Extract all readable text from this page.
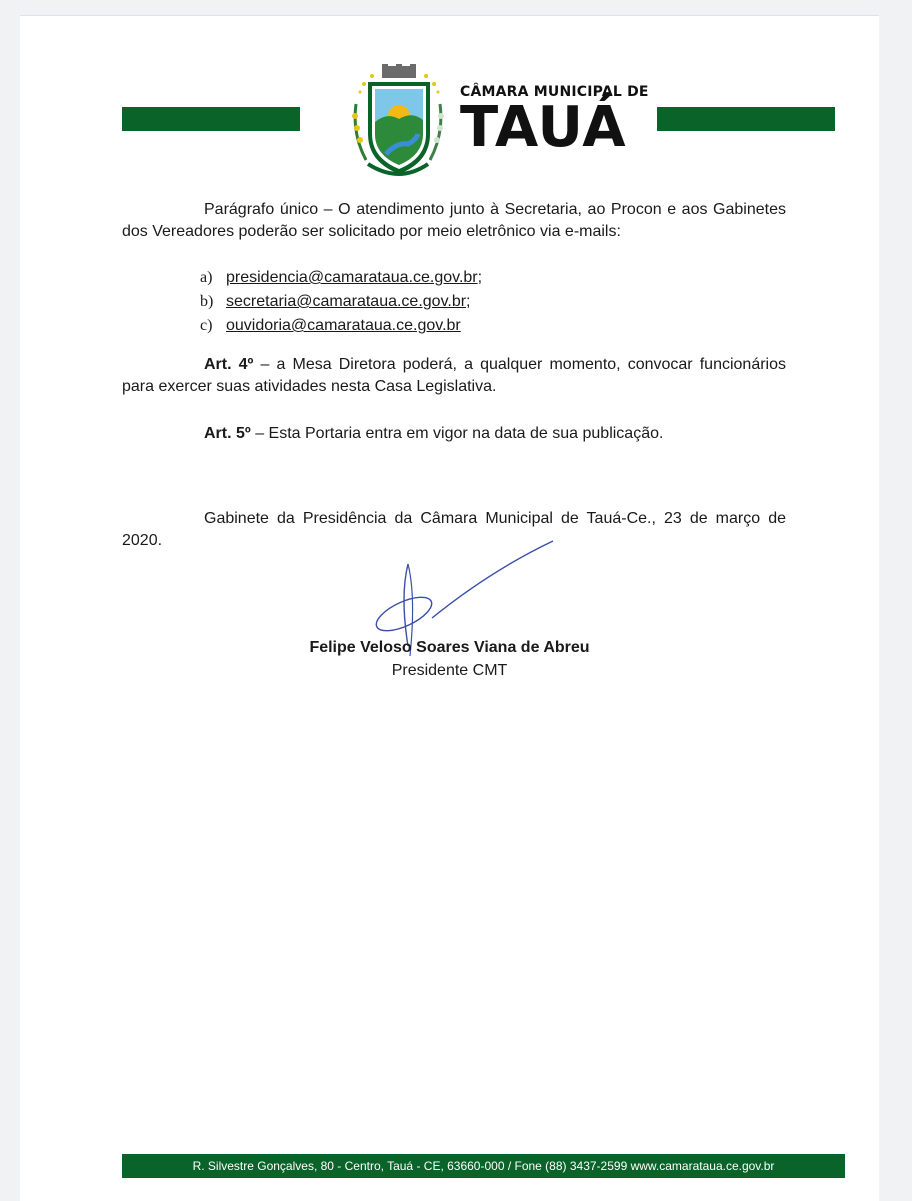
CÂMARA MUNICIPAL DE
TAUÁ
Parágrafo único – O atendimento junto à Secretaria, ao Procon e aos Gabinetes dos Vereadores poderão ser solicitado por meio eletrônico via e-mails:
a) presidencia@camarataua.ce.gov.br;
b) secretaria@camarataua.ce.gov.br;
c) ouvidoria@camarataua.ce.gov.br
Art. 4º – a Mesa Diretora poderá, a qualquer momento, convocar funcionários para exercer suas atividades nesta Casa Legislativa.
Art. 5º – Esta Portaria entra em vigor na data de sua publicação.
Gabinete da Presidência da Câmara Municipal de Tauá-Ce., 23 de março de 2020.
Felipe Veloso Soares Viana de Abreu
Presidente CMT
R. Silvestre Gonçalves, 80 - Centro, Tauá - CE, 63660-000 / Fone (88) 3437-2599 www.camarataua.ce.gov.br
